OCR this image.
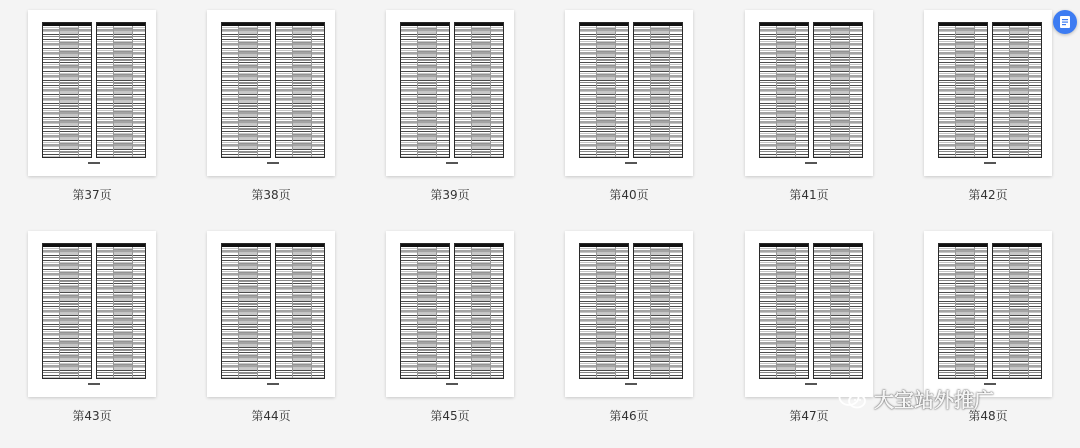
第37页	第38页	第39页	第40页	第41页	第42页
第43页	第44页	第45页	第46页	第47页	第48页
大宝站外推广
